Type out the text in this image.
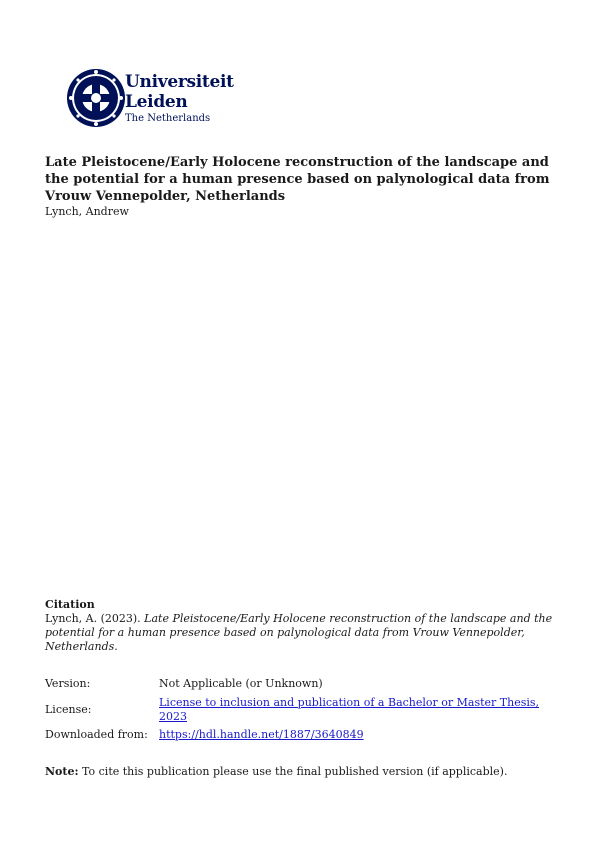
Universiteit
Leiden
The Netherlands
Late Pleistocene/Early Holocene reconstruction of the landscape and the potential for a human presence based on palynological data from Vrouw Vennepolder, Netherlands
Lynch, Andrew
Citation
Lynch, A. (2023). Late Pleistocene/Early Holocene reconstruction of the landscape and the potential for a human presence based on palynological data from Vrouw Vennepolder, Netherlands.
Version:	Not Applicable (or Unknown)
License:
License to inclusion and publication of a Bachelor or Master Thesis,
2023
Downloaded from: https://hdl.handle.net/1887/3640849
Note: To cite this publication please use the final published version (if applicable).
